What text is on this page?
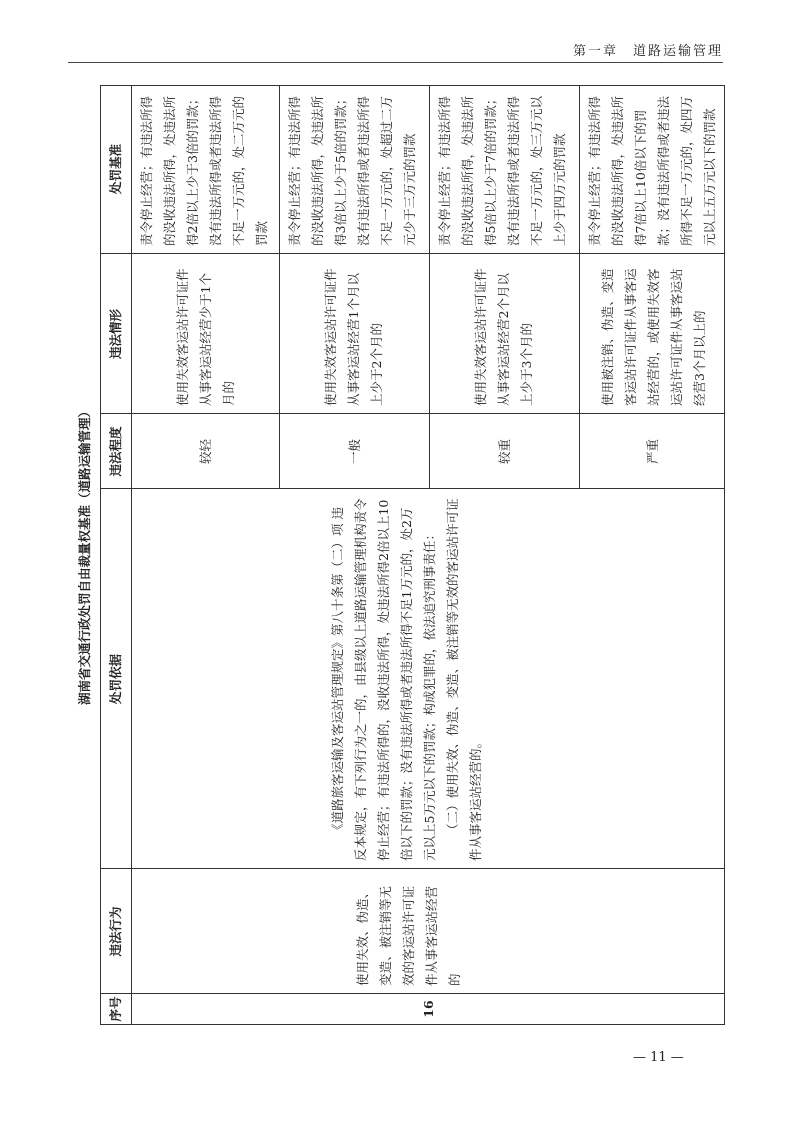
第一章　道路运输管理
湖南省交通行政处罚自由裁量权基准（道路运输管理）
序号
违法行为
处罚依据
违法程度
违法情形
处罚基准
16
使用失效、伪造、变造、被注销等无效的客运站许可证件从事客运站经营的

《道路旅客运输及客运站管理规定》第八十条第（二）项 违反本规定，有下列行为之一的，由县级以上道路运输管理机构责令停止经营；有违法所得的，没收违法所得，处违法所得2倍以上10倍以下的罚款；没有违法所得或者违法所得不足1万元的，处2万元以上5万元以下的罚款；构成犯罪的，依法追究刑事责任： （二）使用失效、伪造、变造、被注销等无效的客运站许可证件从事客运站经营的。

较轻
使用失效客运站许可证件从事客运站经营少于1个月的
责令停止经营；有违法所得的没收违法所得，处违法所得2倍以上少于3倍的罚款；没有违法所得或者违法所得不足一万元的，处二万元的罚款
一般
使用失效客运站许可证件从事客运站经营1个月以上少于2个月的
责令停止经营；有违法所得的没收违法所得，处违法所得3倍以上少于5倍的罚款；没有违法所得或者违法所得不足一万元的，处超过二万元少于三万元的罚款
较重
使用失效客运站许可证件从事客运站经营2个月以上少于3个月的
责令停止经营；有违法所得的没收违法所得，处违法所得5倍以上少于7倍的罚款；没有违法所得或者违法所得不足一万元的，处三万元以上少于四万元的罚款
严重
使用被注销、伪造、变造客运站许可证件从事客运站经营的，或使用失效客运站许可证件从事客运站经营3个月以上的
责令停止经营；有违法所得的没收违法所得，处违法所得7倍以上10倍以下的罚款；没有违法所得或者违法所得不足一万元的，处四万元以上五万元以下的罚款
— 11 —
